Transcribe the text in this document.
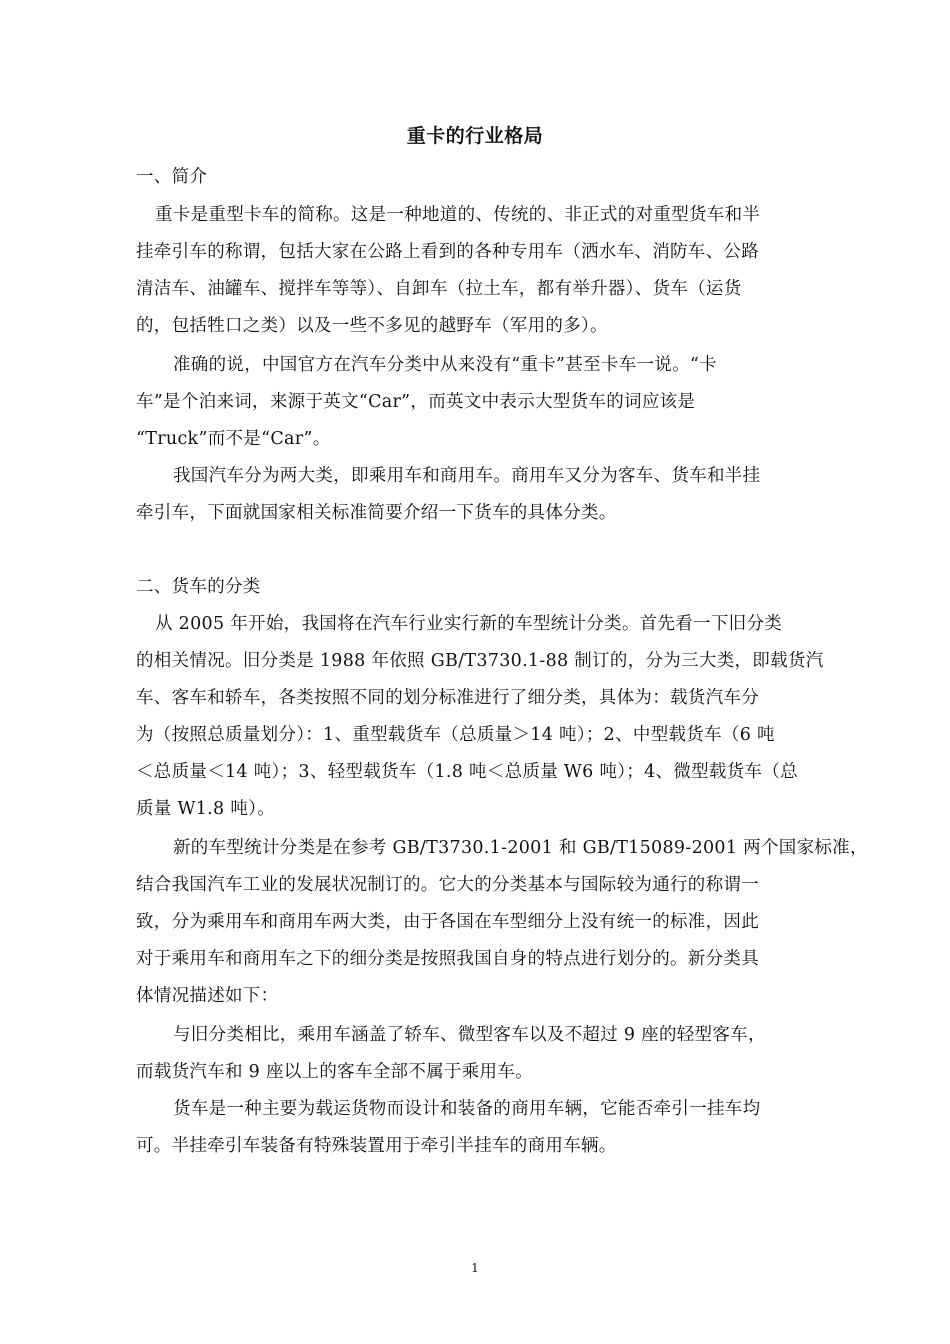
重卡的行业格局
一、简介
重卡是重型卡车的简称。这是一种地道的、传统的、非正式的对重型货车和半
挂牵引车的称谓，包括大家在公路上看到的各种专用车（洒水车、消防车、公路
清洁车、油罐车、搅拌车等等）、自卸车（拉土车，都有举升器）、货车（运货
的，包括牲口之类）以及一些不多见的越野车（军用的多）。
准确的说，中国官方在汽车分类中从来没有“重卡”甚至卡车一说。“卡
车”是个泊来词，来源于英文“Car”，而英文中表示大型货车的词应该是
“Truck”而不是“Car”。
我国汽车分为两大类，即乘用车和商用车。商用车又分为客车、货车和半挂
牵引车，下面就国家相关标准简要介绍一下货车的具体分类。
二、货车的分类
从 2005 年开始，我国将在汽车行业实行新的车型统计分类。首先看一下旧分类
的相关情况。旧分类是 1988 年依照 GB/T3730.1-88 制订的，分为三大类，即载货汽
车、客车和轿车，各类按照不同的划分标准进行了细分类，具体为：载货汽车分
为（按照总质量划分）：1、重型载货车（总质量＞14 吨）；2、中型载货车（6 吨
＜总质量＜14 吨）；3、轻型载货车（1.8 吨＜总质量 W6 吨）；4、微型载货车（总
质量 W1.8 吨）。
新的车型统计分类是在参考 GB/T3730.1-2001 和 GB/T15089-2001 两个国家标准，
结合我国汽车工业的发展状况制订的。它大的分类基本与国际较为通行的称谓一
致，分为乘用车和商用车两大类，由于各国在车型细分上没有统一的标准，因此
对于乘用车和商用车之下的细分类是按照我国自身的特点进行划分的。新分类具
体情况描述如下：
与旧分类相比，乘用车涵盖了轿车、微型客车以及不超过 9 座的轻型客车，
而载货汽车和 9 座以上的客车全部不属于乘用车。
货车是一种主要为载运货物而设计和装备的商用车辆，它能否牵引一挂车均
可。半挂牵引车装备有特殊装置用于牵引半挂车的商用车辆。
1
